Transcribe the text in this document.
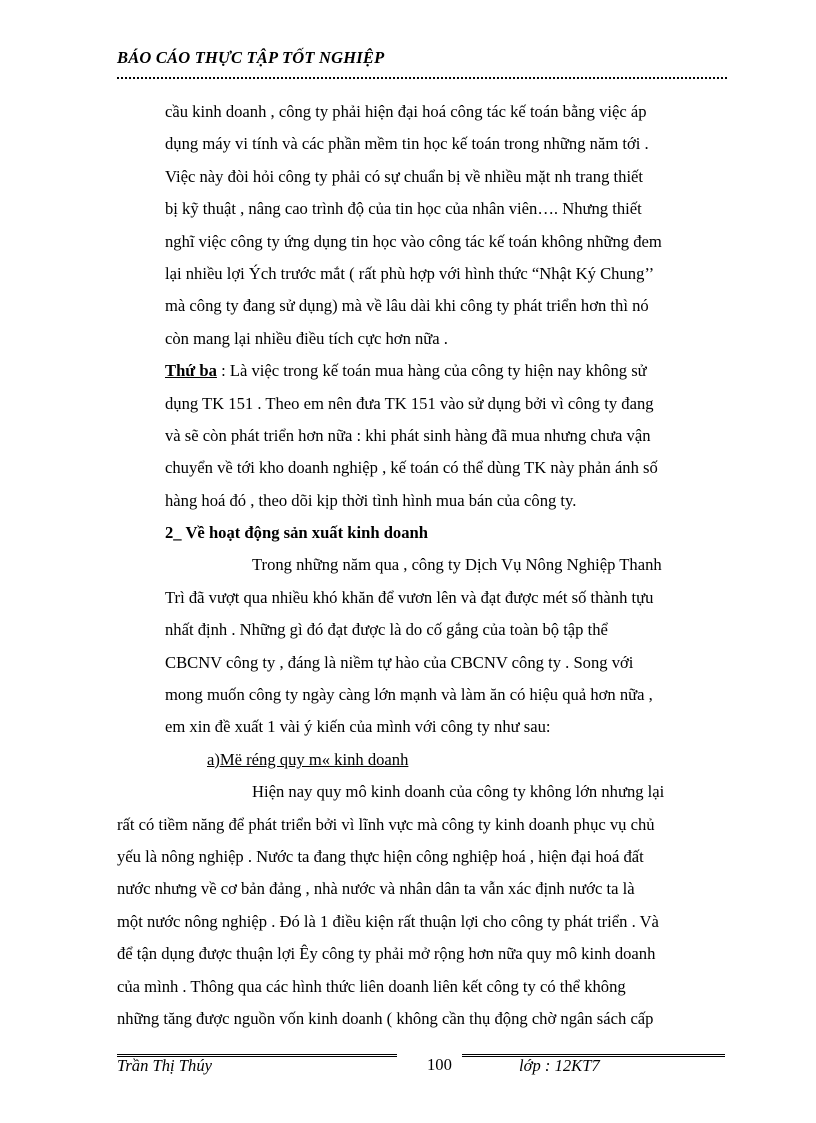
BÁO CÁO THỰC TẬP TỐT NGHIỆP
cầu kinh doanh , công ty phải hiện đại hoá công tác kế toán bằng việc áp
dụng máy vi tính và các phần mềm tin học kế toán trong những năm tới .
Việc này đòi hỏi công ty phải có sự chuẩn bị về nhiều mặt nh trang thiết
bị kỹ thuật , nâng cao trình độ của tin học của nhân viên…. Nhưng thiết
nghĩ việc công ty ứng dụng tin học vào công tác kế toán không những đem
lại nhiều lợi Ých trước mắt ( rất phù hợp với hình thức “Nhật Ký Chung’’
mà công ty đang sử dụng) mà về lâu dài khi công ty phát triển hơn thì nó
còn mang lại nhiều điều tích cực hơn nữa .
Thứ ba : Là việc trong kế toán mua hàng của công ty hiện nay không sử
dụng TK 151 . Theo em nên đưa TK 151 vào sử dụng bởi vì công ty đang
và sẽ còn phát triển hơn nữa : khi phát sinh hàng đã mua nhưng chưa vận
chuyển về tới kho doanh nghiệp , kế toán có thể dùng TK này phản ánh số
hàng hoá đó , theo dõi kịp thời tình hình mua bán của công ty.
2_ Về hoạt động sản xuất kinh doanh
Trong những năm qua , công ty Dịch Vụ Nông Nghiệp Thanh
Trì đã vượt qua nhiều khó khăn để vươn lên và đạt được mét số thành tựu
nhất định . Những gì đó đạt được là do cố gắng của toàn bộ tập thể
CBCNV công ty , đáng là niềm tự hào của CBCNV công ty . Song với
mong muốn công ty ngày càng lớn mạnh và làm ăn có hiệu quả hơn nữa ,
em xin đề xuất 1 vài ý kiến của mình với công ty như sau:
a)Më réng quy m« kinh doanh
Hiện nay quy mô kinh doanh của công ty không lớn nhưng lại
rất có tiềm năng để phát triển bởi vì lĩnh vực mà công ty kinh doanh phục vụ chủ
yếu là nông nghiệp . Nước ta đang thực hiện công nghiệp hoá , hiện đại hoá đất
nước nhưng về cơ bản đảng , nhà nước và nhân dân ta vẫn xác định nước ta là
một nước nông nghiệp . Đó là 1 điều kiện rất thuận lợi cho công ty phát triển . Và
để tận dụng được thuận lợi Êy công ty phải mở rộng hơn nữa quy mô kinh doanh
của mình . Thông qua các hình thức liên doanh liên kết công ty có thể không
những tăng được nguồn vốn kinh doanh ( không cần thụ động chờ ngân sách cấp
Trần Thị Thúy	100	lớp : 12KT7
